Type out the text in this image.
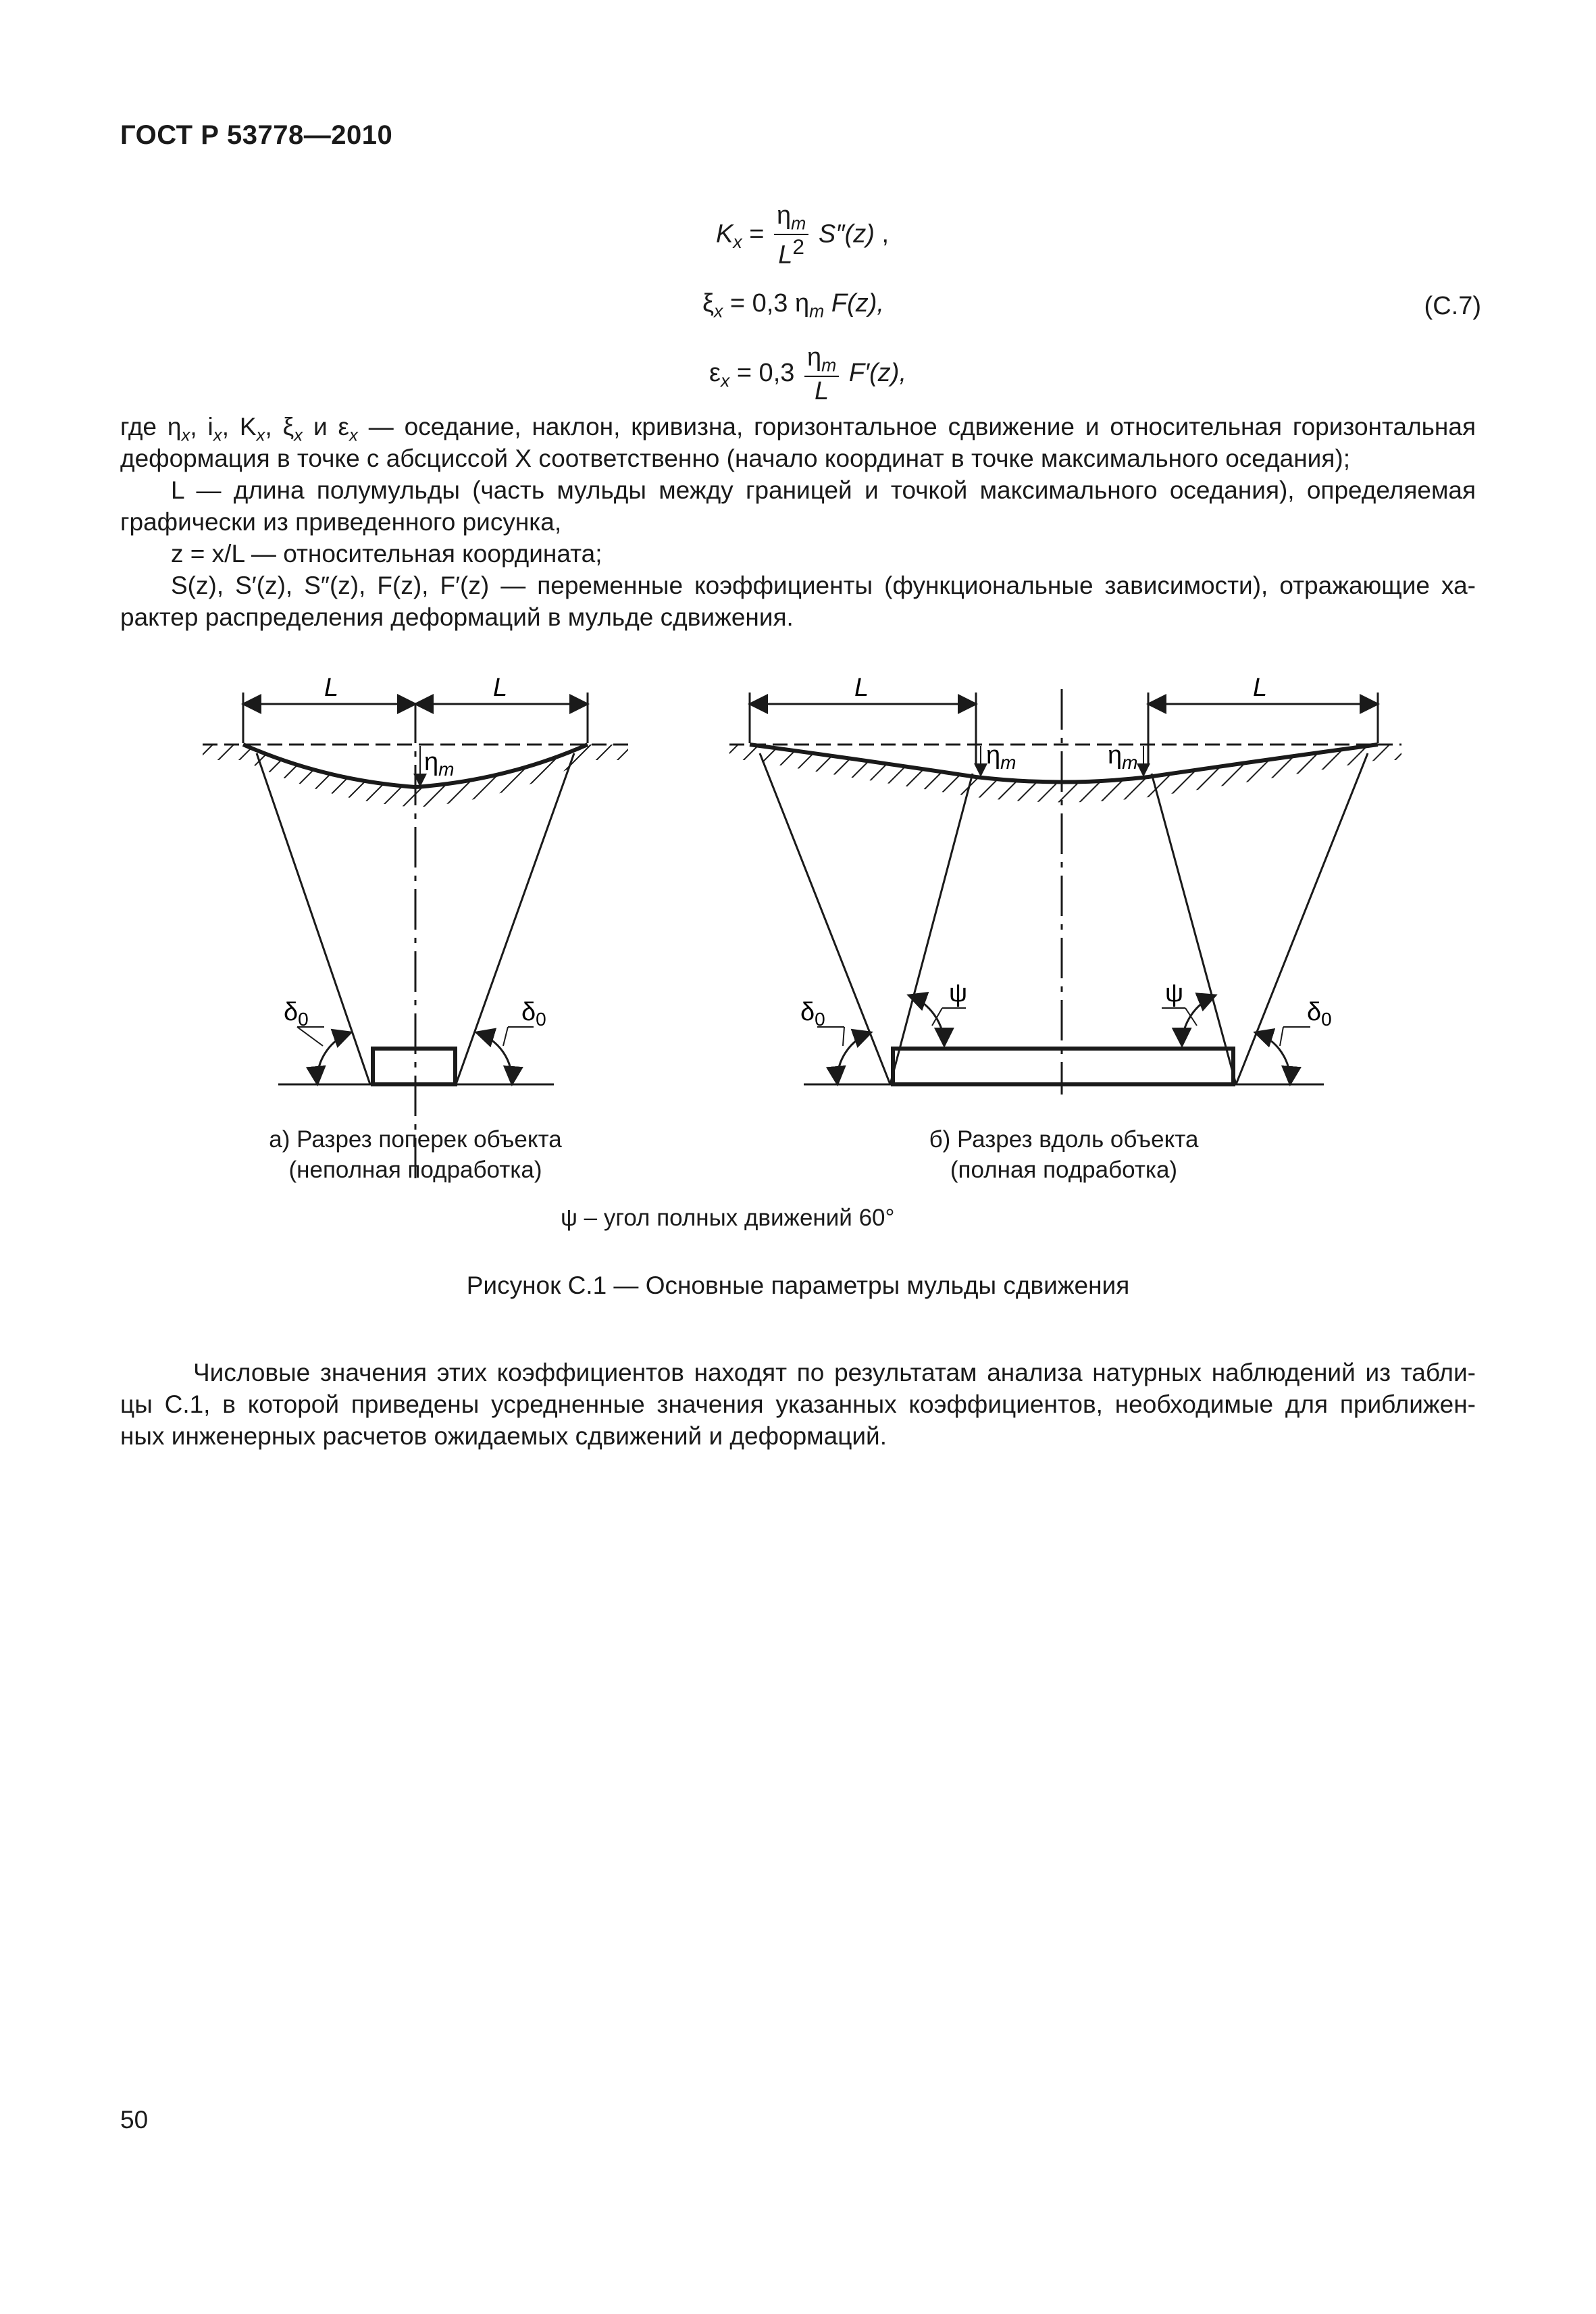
ГОСТ Р 53778—2010
$K_x = \frac{\eta_m}{L^2} S''(z)$ ,
$\xi_x = 0,3$ $\eta_m$ F(z),	(С.7)
$\varepsilon_x = 0,3 \frac{\eta_m}{L} F'(z)$,
где $\eta_x$, $i_x$, $K_x$, $\xi_x$ и $\varepsilon_x$ — оседание, наклон, кривизна, горизонтальное сдвижение и относительная горизонтальная
деформация в точке с абсциссой X соответственно (начало координат в точке максимального оседания);
L — длина полумульды (часть мульды между границей и точкой максимального оседания), определяемая
графически из приведенного рисунка,
z = x/L — относительная координата;
S(z), S′(z), S″(z), F(z), F′(z) — переменные коэффициенты (функциональные зависимости), отражающие ха-
рактер распределения деформаций в мульде сдвижения.
L	L
$\eta_m$
$\delta_0$	$\delta_0$
L	L
$\eta_m$	$\eta_m$
$\delta_0$	$\delta_0$
ψ	ψ
а) Разрез поперек объекта
(неполная подработка)
б) Разрез вдоль объекта
(полная подработка)
ψ – угол полных движений 60°
Рисунок С.1 — Основные параметры мульды сдвижения
Числовые значения этих коэффициентов находят по результатам анализа натурных наблюдений из табли-
цы С.1, в которой приведены усредненные значения указанных коэффициентов, необходимые для приближен-
ных инженерных расчетов ожидаемых сдвижений и деформаций.
50
